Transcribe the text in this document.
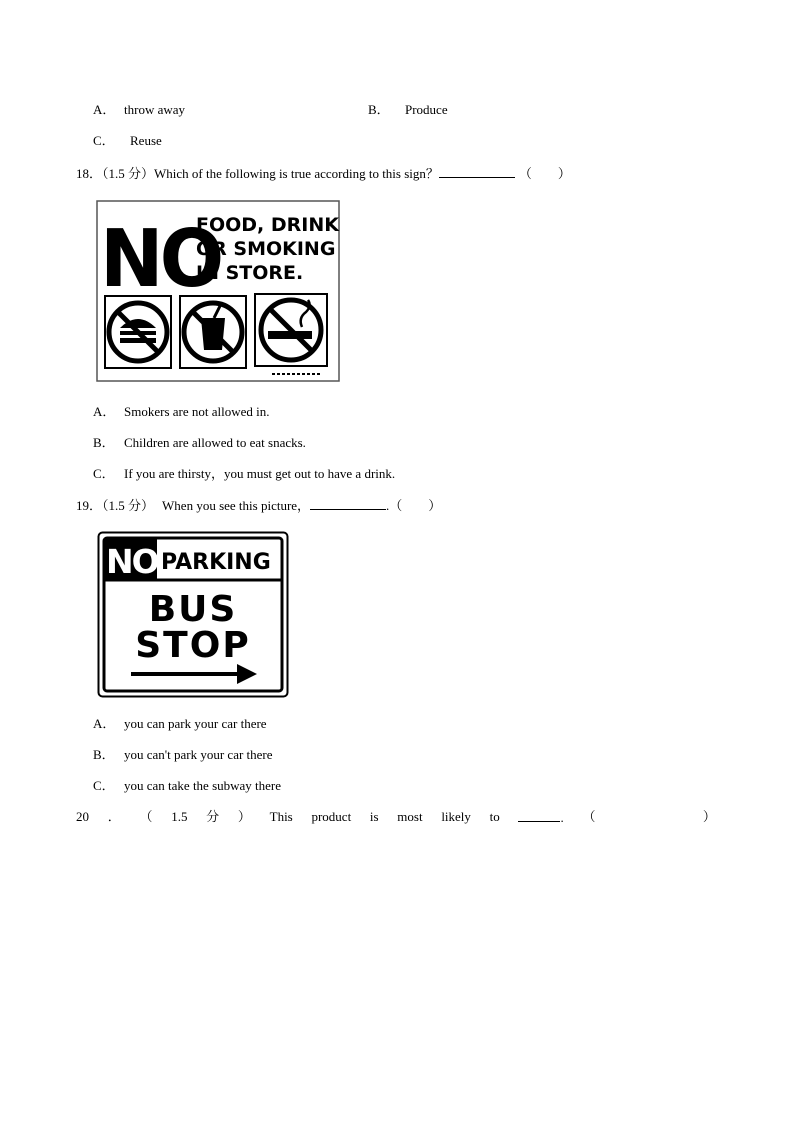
A． throw away	B． Produce
C． Reuse
18．（1.5 分）Which of the following is true according to this sign？	（　　）
NO
FOOD, DRINKS
OR SMOKING
IN STORE.
A． Smokers are not allowed in.
B． Children are allowed to eat snacks.
C． If you are thirsty，you must get out to have a drink.
19．（1.5 分） When you see this picture，	.（　　）
NO PARKING
BUS
STOP
A． you can park your car there
B． you can't park your car there
C． you can take the subway there
20 ． （ 1.5 分 ） This product is most likely to	. （	）
